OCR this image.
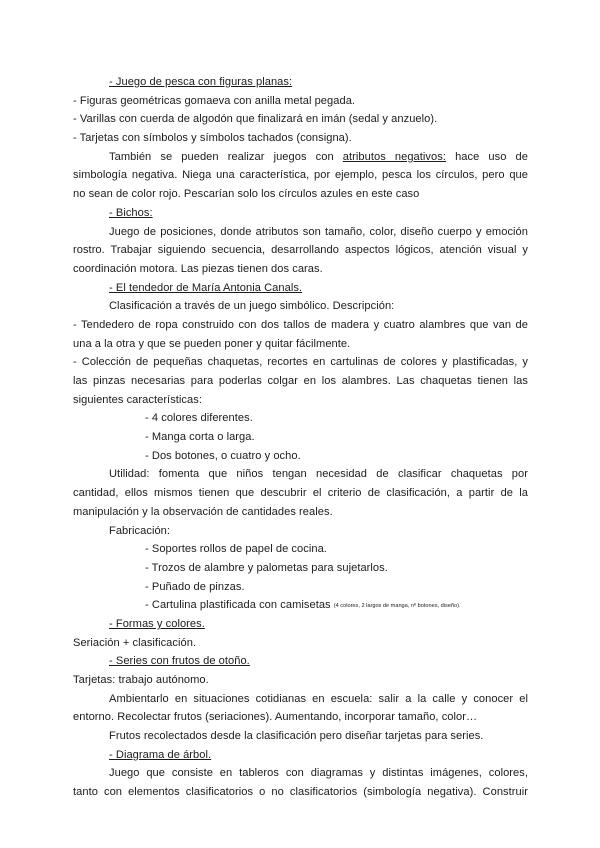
- Juego de pesca con figuras planas:
- Figuras geométricas gomaeva con anilla metal pegada.
- Varillas con cuerda de algodón que finalizará en imán (sedal y anzuelo).
- Tarjetas con símbolos y símbolos tachados (consigna).
También se pueden realizar juegos con atributos negativos: hace uso de
simbología negativa. Niega una característica, por ejemplo, pesca los círculos, pero que
no sean de color rojo. Pescarían solo los círculos azules en este caso
- Bichos:
Juego de posiciones, donde atributos son tamaño, color, diseño cuerpo y emoción
rostro. Trabajar siguiendo secuencia, desarrollando aspectos lógicos, atención visual y
coordinación motora. Las piezas tienen dos caras.
- El tendedor de María Antonia Canals.
Clasificación a través de un juego simbólico. Descripción:
- Tendedero de ropa construido con dos tallos de madera y cuatro alambres que van de
una a la otra y que se pueden poner y quitar fácilmente.
- Colección de pequeñas chaquetas, recortes en cartulinas de colores y plastificadas, y
las pinzas necesarias para poderlas colgar en los alambres. Las chaquetas tienen las
siguientes características:
- 4 colores diferentes.
- Manga corta o larga.
- Dos botones, o cuatro y ocho.
Utilidad: fomenta que niños tengan necesidad de clasificar chaquetas por
cantidad, ellos mismos tienen que descubrir el criterio de clasificación, a partir de la
manipulación y la observación de cantidades reales.
Fabricación:
- Soportes rollos de papel de cocina.
- Trozos de alambre y palometas para sujetarlos.
- Puñado de pinzas.
- Cartulina plastificada con camisetas (4 colores, 2 largos de manga, nº botones, diseño).
- Formas y colores.
Seriación + clasificación.
- Series con frutos de otoño.
Tarjetas: trabajo autónomo.
Ambientarlo en situaciones cotidianas en escuela: salir a la calle y conocer el
entorno. Recolectar frutos (seriaciones). Aumentando, incorporar tamaño, color…
Frutos recolectados desde la clasificación pero diseñar tarjetas para series.
- Diagrama de árbol.
Juego que consiste en tableros con diagramas y distintas imágenes, colores,
tanto con elementos clasificatorios o no clasificatorios (simbología negativa). Construir
